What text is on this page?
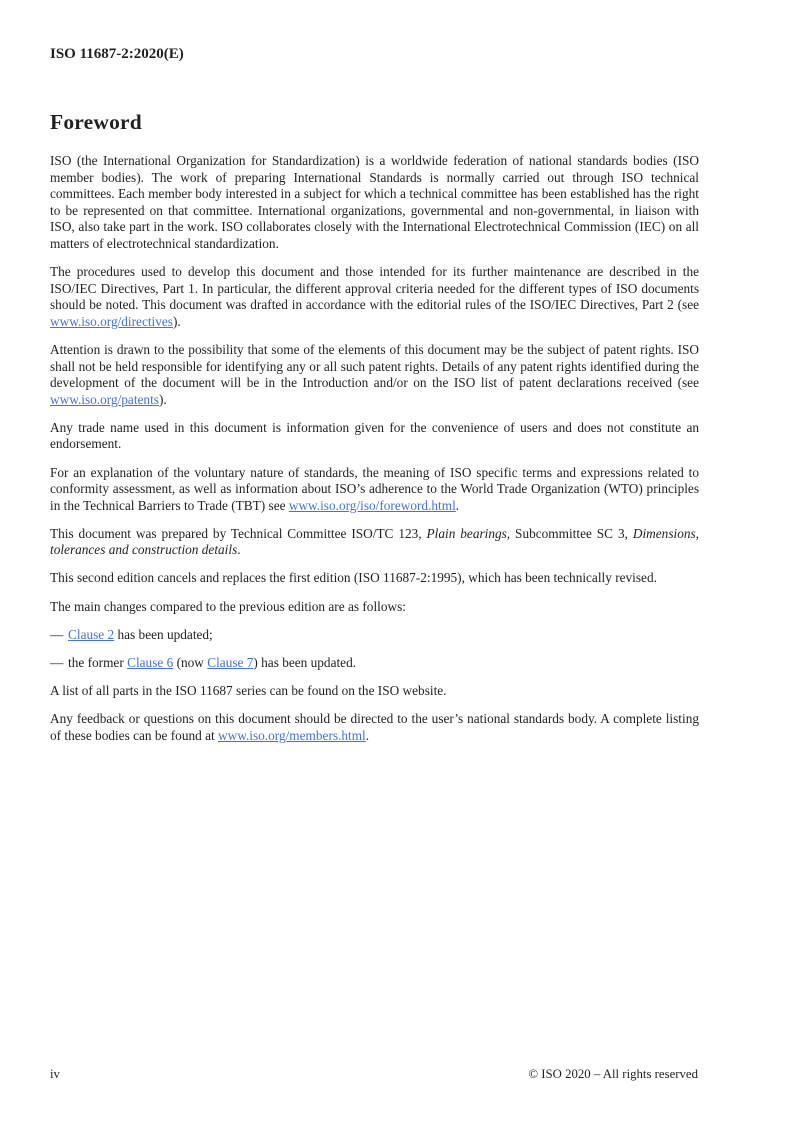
ISO 11687-2:2020(E)
Foreword

ISO (the International Organization for Standardization) is a worldwide federation of national standards bodies (ISO member bodies). The work of preparing International Standards is normally carried out through ISO technical committees. Each member body interested in a subject for which a technical committee has been established has the right to be represented on that committee. International organizations, governmental and non-governmental, in liaison with ISO, also take part in the work. ISO collaborates closely with the International Electrotechnical Commission (IEC) on all matters of electrotechnical standardization.

The procedures used to develop this document and those intended for its further maintenance are described in the ISO/IEC Directives, Part 1. In particular, the different approval criteria needed for the different types of ISO documents should be noted. This document was drafted in accordance with the editorial rules of the ISO/IEC Directives, Part 2 (see www.iso.org/directives).

Attention is drawn to the possibility that some of the elements of this document may be the subject of patent rights. ISO shall not be held responsible for identifying any or all such patent rights. Details of any patent rights identified during the development of the document will be in the Introduction and/or on the ISO list of patent declarations received (see www.iso.org/patents).

Any trade name used in this document is information given for the convenience of users and does not constitute an endorsement.

For an explanation of the voluntary nature of standards, the meaning of ISO specific terms and expressions related to conformity assessment, as well as information about ISO’s adherence to the World Trade Organization (WTO) principles in the Technical Barriers to Trade (TBT) see www.iso.org/iso/foreword.html.

This document was prepared by Technical Committee ISO/TC 123, Plain bearings, Subcommittee SC 3, Dimensions, tolerances and construction details.

This second edition cancels and replaces the first edition (ISO 11687-2:1995), which has been technically revised.

The main changes compared to the previous edition are as follows:

— Clause 2 has been updated;
— the former Clause 6 (now Clause 7) has been updated.

A list of all parts in the ISO 11687 series can be found on the ISO website.

Any feedback or questions on this document should be directed to the user’s national standards body. A complete listing of these bodies can be found at www.iso.org/members.html.

iv	© ISO 2020 – All rights reserved
